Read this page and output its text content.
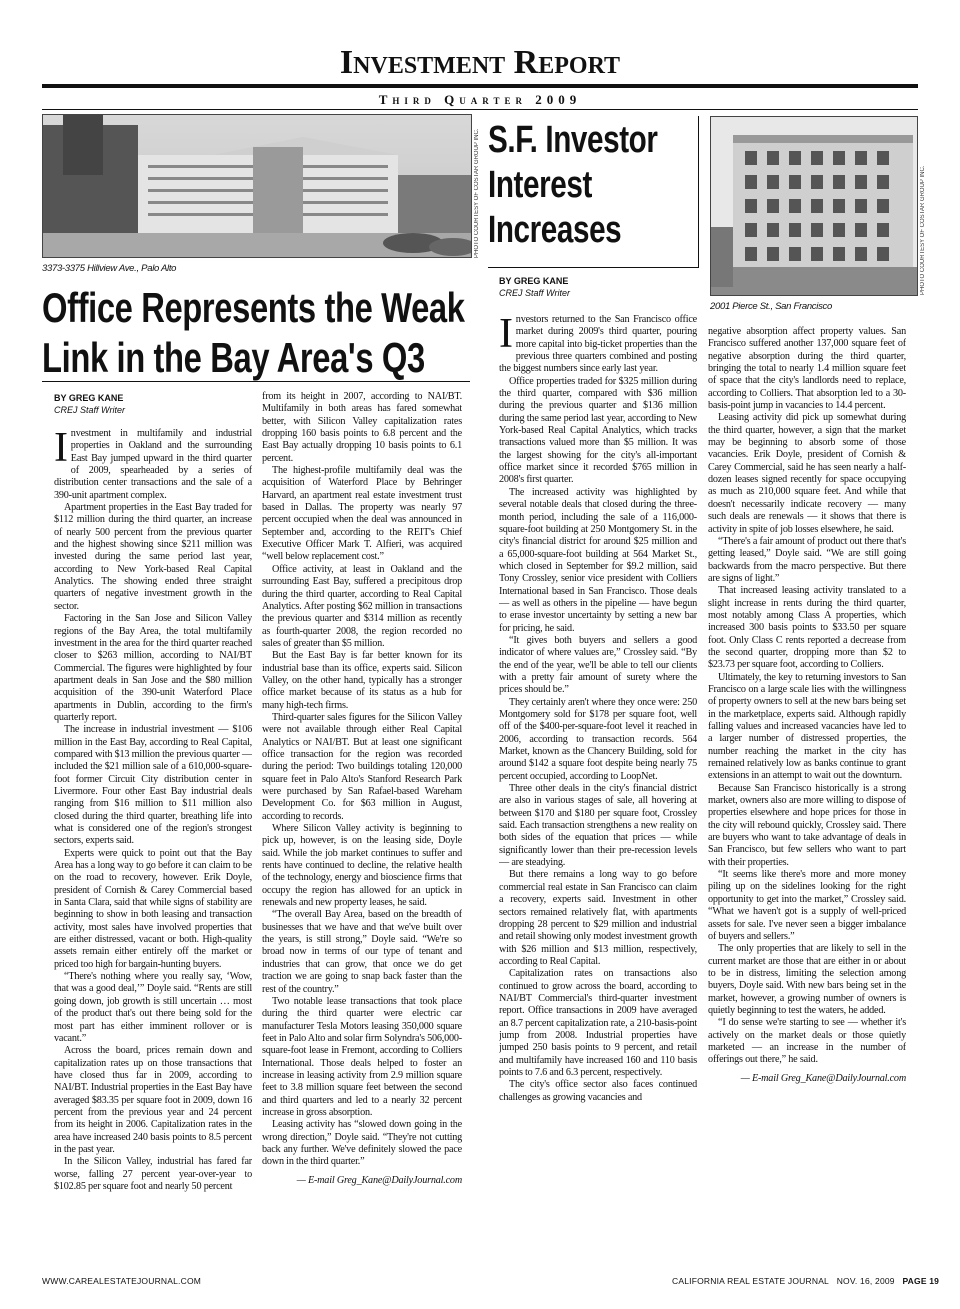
Investment Report
Third Quarter 2009
PHOTO COURTESY OF COSTAR GROUP INC.
3373-3375 Hillview Ave., Palo Alto
Office Represents the Weak Link in the Bay Area's Q3
S.F. Investor Interest Increases	PHOTO COURTESY OF COSTAR GROUP INC.
2001 Pierce St., San Francisco
BY GREG KANE
CREJ Staff Writer

Investment in multifamily and industrial properties in Oakland and the surrounding East Bay jumped upward in the third quarter of 2009, spearheaded by a series of distribution center transactions and the sale of a 390-unit apartment complex.

Apartment properties in the East Bay traded for $112 million during the third quarter, an increase of nearly 500 percent from the previous quarter and the highest showing since $211 million was invested during the same period last year, according to New York-based Real Capital Analytics. The showing ended three straight quarters of negative investment growth in the sector.

Factoring in the San Jose and Silicon Valley regions of the Bay Area, the total multifamily investment in the area for the third quarter reached closer to $263 million, according to NAI/BT Commercial. The figures were highlighted by four apartment deals in San Jose and the $80 million acquisition of the 390-unit Waterford Place apartments in Dublin, according to the firm's quarterly report.

The increase in industrial investment — $106 million in the East Bay, according to Real Capital, compared with $13 million the previous quarter — included the $21 million sale of a 610,000-square-foot former Circuit City distribution center in Livermore. Four other East Bay industrial deals ranging from $16 million to $11 million also closed during the third quarter, breathing life into what is considered one of the region's strongest sectors, experts said.

Experts were quick to point out that the Bay Area has a long way to go before it can claim to be on the road to recovery, however. Erik Doyle, president of Cornish & Carey Commercial based in Santa Clara, said that while signs of stability are beginning to show in both leasing and transaction activity, most sales have involved properties that are either distressed, vacant or both. High-quality assets remain either entirely off the market or priced too high for bargain-hunting buyers.

“There's nothing where you really say, ‘Wow, that was a good deal,’” Doyle said. “Rents are still going down, job growth is still uncertain … most of the product that's out there being sold for the most part has either imminent rollover or is vacant.”

Across the board, prices remain down and capitalization rates up on those transactions that have closed thus far in 2009, according to NAI/BT. Industrial properties in the East Bay have averaged $83.35 per square foot in 2009, down 16 percent from the previous year and 24 percent from its height in 2006. Capitalization rates in the area have increased 240 basis points to 8.5 percent in the past year.

In the Silicon Valley, industrial has fared far worse, falling 27 percent year-over-year to $102.85 per square foot and nearly 50 percent

from its height in 2007, according to NAI/BT. Multifamily in both areas has fared somewhat better, with Silicon Valley capitalization rates dropping 160 basis points to 6.8 percent and the East Bay actually dropping 10 basis points to 6.1 percent.

The highest-profile multifamily deal was the acquisition of Waterford Place by Behringer Harvard, an apartment real estate investment trust based in Dallas. The property was nearly 97 percent occupied when the deal was announced in September and, according to the REIT's Chief Executive Officer Mark T. Alfieri, was acquired “well below replacement cost.”

Office activity, at least in Oakland and the surrounding East Bay, suffered a precipitous drop during the third quarter, according to Real Capital Analytics. After posting $62 million in transactions the previous quarter and $314 million as recently as fourth-quarter 2008, the region recorded no sales of greater than $5 million.

But the East Bay is far better known for its industrial base than its office, experts said. Silicon Valley, on the other hand, typically has a stronger office market because of its status as a hub for many high-tech firms.

Third-quarter sales figures for the Silicon Valley were not available through either Real Capital Analytics or NAI/BT. But at least one significant office transaction for the region was recorded during the period: Two buildings totaling 120,000 square feet in Palo Alto's Stanford Research Park were purchased by San Rafael-based Wareham Development Co. for $63 million in August, according to records.

Where Silicon Valley activity is beginning to pick up, however, is on the leasing side, Doyle said. While the job market continues to suffer and rents have continued to decline, the relative health of the technology, energy and bioscience firms that occupy the region has allowed for an uptick in renewals and new property leases, he said.

“The overall Bay Area, based on the breadth of businesses that we have and that we've built over the years, is still strong,” Doyle said. “We're so broad now in terms of our type of tenant and industries that can grow, that once we do get traction we are going to snap back faster than the rest of the country.”

Two notable lease transactions that took place during the third quarter were electric car manufacturer Tesla Motors leasing 350,000 square feet in Palo Alto and solar firm Solyndra's 506,000-square-foot lease in Fremont, according to Colliers International. Those deals helped to foster an increase in leasing activity from 2.9 million square feet to 3.8 million square feet between the second and third quarters and led to a nearly 32 percent increase in gross absorption.

Leasing activity has “slowed down going in the wrong direction,” Doyle said. “They're not cutting back any further. We've definitely slowed the pace down in the third quarter.”

— E-mail Greg_Kane@DailyJournal.com

BY GREG KANE
CREJ Staff Writer

Investors returned to the San Francisco office market during 2009's third quarter, pouring more capital into big-ticket properties than the previous three quarters combined and posting the biggest numbers since early last year.

Office properties traded for $325 million during the third quarter, compared with $36 million during the previous quarter and $136 million during the same period last year, according to New York-based Real Capital Analytics, which tracks transactions valued more than $5 million. It was the largest showing for the city's all-important office market since it recorded $765 million in 2008's first quarter.

The increased activity was highlighted by several notable deals that closed during the three-month period, including the sale of a 116,000-square-foot building at 250 Montgomery St. in the city's financial district for around $25 million and a 65,000-square-foot building at 564 Market St., which closed in September for $9.2 million, said Tony Crossley, senior vice president with Colliers International based in San Francisco. Those deals — as well as others in the pipeline — have begun to erase investor uncertainty by setting a new bar for pricing, he said.

“It gives both buyers and sellers a good indicator of where values are,” Crossley said. “By the end of the year, we'll be able to tell our clients with a pretty fair amount of surety where the prices should be.”

They certainly aren't where they once were: 250 Montgomery sold for $178 per square foot, well off of the $400-per-square-foot level it reached in 2006, according to transaction records. 564 Market, known as the Chancery Building, sold for around $142 a square foot despite being nearly 75 percent occupied, according to LoopNet.

Three other deals in the city's financial district are also in various stages of sale, all hovering at between $170 and $180 per square foot, Crossley said. Each transaction strengthens a new reality on both sides of the equation that prices — while significantly lower than their pre-recession levels — are steadying.

But there remains a long way to go before commercial real estate in San Francisco can claim a recovery, experts said. Investment in other sectors remained relatively flat, with apartments dropping 28 percent to $29 million and industrial and retail showing only modest investment growth with $26 million and $13 million, respectively, according to Real Capital.

Capitalization rates on transactions also continued to grow across the board, according to NAI/BT Commercial's third-quarter investment report. Office transactions in 2009 have averaged an 8.7 percent capitalization rate, a 210-basis-point jump from 2008. Industrial properties have jumped 250 basis points to 9 percent, and retail and multifamily have increased 160 and 110 basis points to 7.6 and 6.3 percent, respectively.

The city's office sector also faces continued challenges as growing vacancies and

negative absorption affect property values. San Francisco suffered another 137,000 square feet of negative absorption during the third quarter, bringing the total to nearly 1.4 million square feet of space that the city's landlords need to replace, according to Colliers. That absorption led to a 30-basis-point jump in vacancies to 14.4 percent.

Leasing activity did pick up somewhat during the third quarter, however, a sign that the market may be beginning to absorb some of those vacancies. Erik Doyle, president of Cornish & Carey Commercial, said he has seen nearly a half-dozen leases signed recently for space occupying as much as 210,000 square feet. And while that doesn't necessarily indicate recovery — many such deals are renewals — it shows that there is activity in spite of job losses elsewhere, he said.

“There's a fair amount of product out there that's getting leased,” Doyle said. “We are still going backwards from the macro perspective. But there are signs of light.”

That increased leasing activity translated to a slight increase in rents during the third quarter, most notably among Class A properties, which increased 300 basis points to $33.50 per square foot. Only Class C rents reported a decrease from the second quarter, dropping more than $2 to $23.73 per square foot, according to Colliers.

Ultimately, the key to returning investors to San Francisco on a large scale lies with the willingness of property owners to sell at the new bars being set in the marketplace, experts said. Although rapidly falling values and increased vacancies have led to a larger number of distressed properties, the number reaching the market in the city has remained relatively low as banks continue to grant extensions in an attempt to wait out the downturn.

Because San Francisco historically is a strong market, owners also are more willing to dispose of properties elsewhere and hope prices for those in the city will rebound quickly, Crossley said. There are buyers who want to take advantage of deals in San Francisco, but few sellers who want to part with their properties.

“It seems like there's more and more money piling up on the sidelines looking for the right opportunity to get into the market,” Crossley said. “What we haven't got is a supply of well-priced assets for sale. I've never seen a bigger imbalance of buyers and sellers.”

The only properties that are likely to sell in the current market are those that are either in or about to be in distress, limiting the selection among buyers, Doyle said. With new bars being set in the market, however, a growing number of owners is quietly beginning to test the waters, he added.

“I do sense we're starting to see — whether it's actively on the market deals or those quietly marketed — an increase in the number of offerings out there,” he said.

— E-mail Greg_Kane@DailyJournal.com

WWW.CAREALESTATEJOURNAL.COM	CALIFORNIA REAL ESTATE JOURNAL NOV. 16, 2009 PAGE 19
